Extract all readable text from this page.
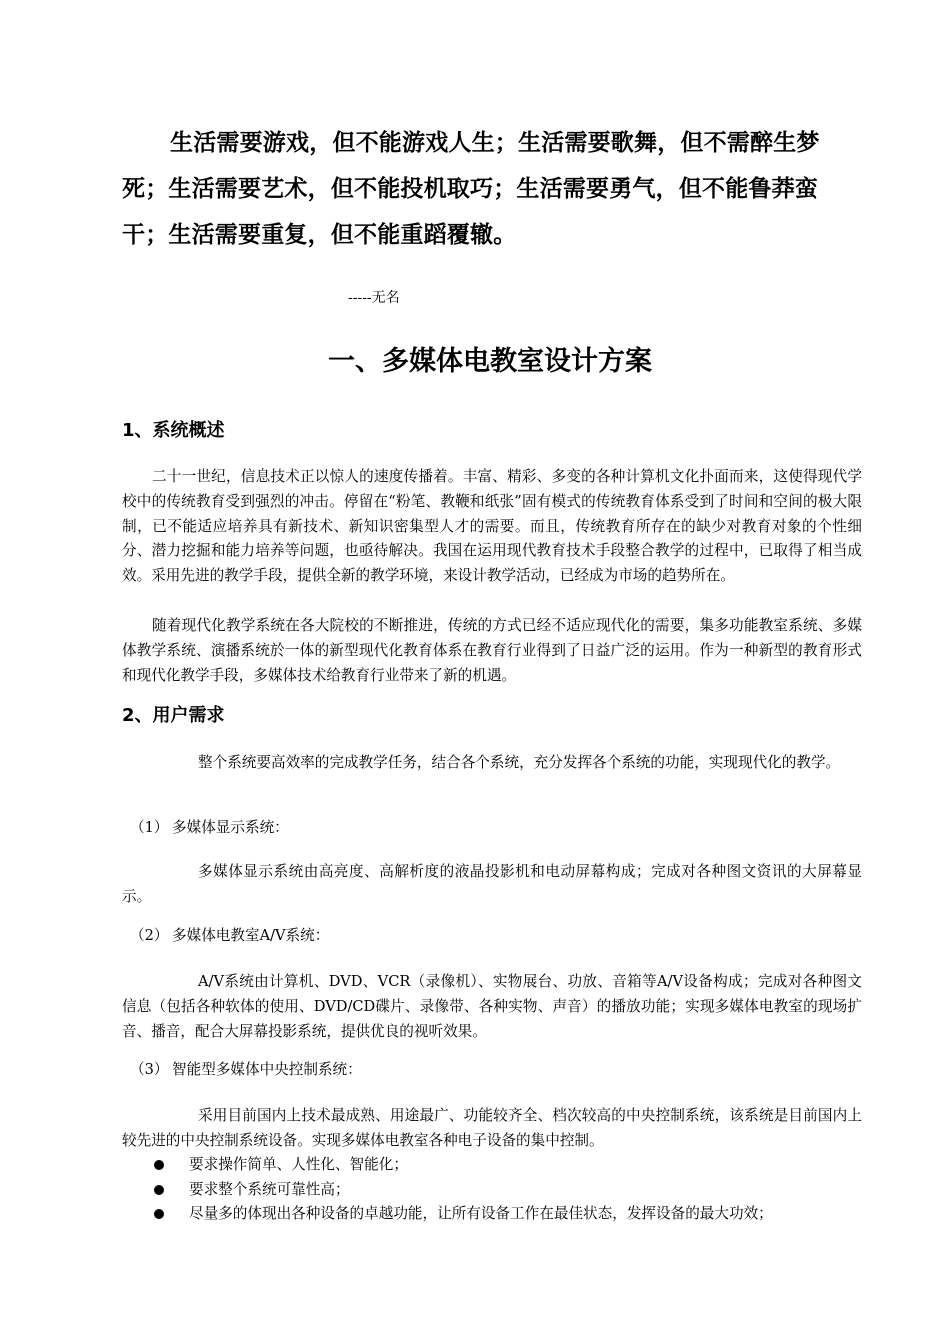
生活需要游戏，但不能游戏人生；生活需要歌舞，但不需醉生梦死；生活需要艺术，但不能投机取巧；生活需要勇气，但不能鲁莽蛮干；生活需要重复，但不能重蹈覆辙。
-----无名
一、多媒体电教室设计方案
1、系统概述
二十一世纪，信息技术正以惊人的速度传播着。丰富、精彩、多变的各种计算机文化扑面而来，这使得现代学校中的传统教育受到强烈的冲击。停留在“粉笔、教鞭和纸张”固有模式的传统教育体系受到了时间和空间的极大限制，已不能适应培养具有新技术、新知识密集型人才的需要。而且，传统教育所存在的缺少对教育对象的个性细分、潜力挖掘和能力培养等问题，也亟待解决。我国在运用现代教育技术手段整合教学的过程中，已取得了相当成效。采用先进的教学手段，提供全新的教学环境，来设计教学活动，已经成为市场的趋势所在。
随着现代化教学系统在各大院校的不断推进，传统的方式已经不适应现代化的需要，集多功能教室系统、多媒体教学系统、演播系统於一体的新型现代化教育体系在教育行业得到了日益广泛的运用。作为一种新型的教育形式和现代化教学手段，多媒体技术给教育行业带来了新的机遇。
2、用户需求
整个系统要高效率的完成教学任务，结合各个系统，充分发挥各个系统的功能，实现现代化的教学。
（1） 多媒体显示系统：
多媒体显示系统由高亮度、高解析度的液晶投影机和电动屏幕构成；完成对各种图文资讯的大屏幕显示。
（2） 多媒体电教室A/V系统：
A/V系统由计算机、DVD、VCR（录像机）、实物展台、功放、音箱等A/V设备构成；完成对各种图文信息（包括各种软体的使用、DVD/CD碟片、录像带、各种实物、声音）的播放功能；实现多媒体电教室的现场扩音、播音，配合大屏幕投影系统，提供优良的视听效果。
（3） 智能型多媒体中央控制系统：
采用目前国内上技术最成熟、用途最广、功能较齐全、档次较高的中央控制系统，该系统是目前国内上较先进的中央控制系统设备。实现多媒体电教室各种电子设备的集中控制。
要求操作简单、人性化、智能化；
要求整个系统可靠性高；
尽量多的体现出各种设备的卓越功能，让所有设备工作在最佳状态，发挥设备的最大功效；
